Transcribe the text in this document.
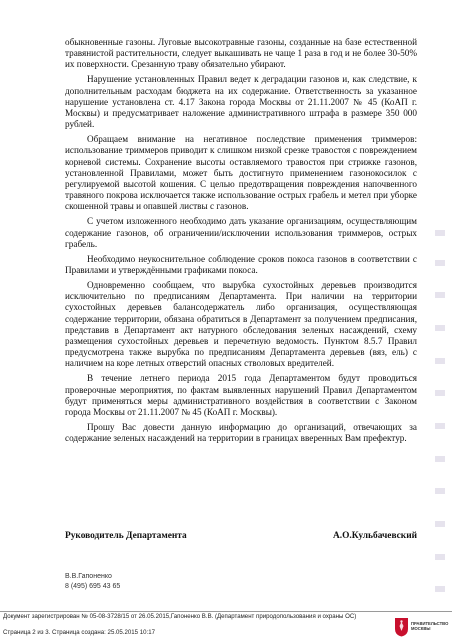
обыкновенные газоны. Луговые высокотравные газоны, созданные на базе естественной травянистой растительности, следует выкашивать не чаще 1 раза в год и не более 30-50% их поверхности. Срезанную траву обязательно убирают.

Нарушение установленных Правил ведет к деградации газонов и, как следствие, к дополнительным расходам бюджета на их содержание. Ответственность за указанное нарушение установлена ст. 4.17 Закона города Москвы от 21.11.2007 № 45 (КоАП г. Москвы) и предусматривает наложение административного штрафа в размере 350 000 рублей.

Обращаем внимание на негативное последствие применения триммеров: использование триммеров приводит к слишком низкой срезке травостоя с повреждением корневой системы. Сохранение высоты оставляемого травостоя при стрижке газонов, установленной Правилами, может быть достигнуто применением газонокосилок с регулируемой высотой кошения. С целью предотвращения повреждения напочвенного травяного покрова исключается также использование острых грабель и метел при уборке скошенной травы и опавшей листвы с газонов.

С учетом изложенного необходимо дать указание организациям, осуществляющим содержание газонов, об ограничении/исключении использования триммеров, острых грабель.

Необходимо неукоснительное соблюдение сроков покоса газонов в соответствии с Правилами и утверждёнными графиками покоса.

Одновременно сообщаем, что вырубка сухостойных деревьев производится исключительно по предписаниям Департамента. При наличии на территории сухостойных деревьев балансодержатель либо организация, осуществляющая содержание территории, обязана обратиться в Департамент за получением предписания, представив в Департамент акт натурного обследования зеленых насаждений, схему размещения сухостойных деревьев и перечетную ведомость. Пунктом 8.5.7 Правил предусмотрена также вырубка по предписаниям Департамента деревьев (вяз, ель) с наличием на коре летных отверстий опасных стволовых вредителей.

В течение летнего периода 2015 года Департаментом будут проводиться проверочные мероприятия, по фактам выявленных нарушений Правил Департаментом будут применяться меры административного воздействия в соответствии с Законом города Москвы от 21.11.2007 № 45 (КоАП г. Москвы).

Прошу Вас довести данную информацию до организаций, отвечающих за содержание зеленых насаждений на территории в границах вверенных Вам префектур.

Руководитель Департамента	А.О.Кульбачевский
В.В.Гапоненко
8 (495) 695 43 65
Документ зарегистрирован № 05-08-3728/15 от 26.05.2015,Гапоненко В.В. (Департамент природопользования и охраны ОС)
Страница 2 из 3. Страница создана: 25.05.2015 10:17
ПРАВИТЕЛЬСТВО
МОСКВЫ
